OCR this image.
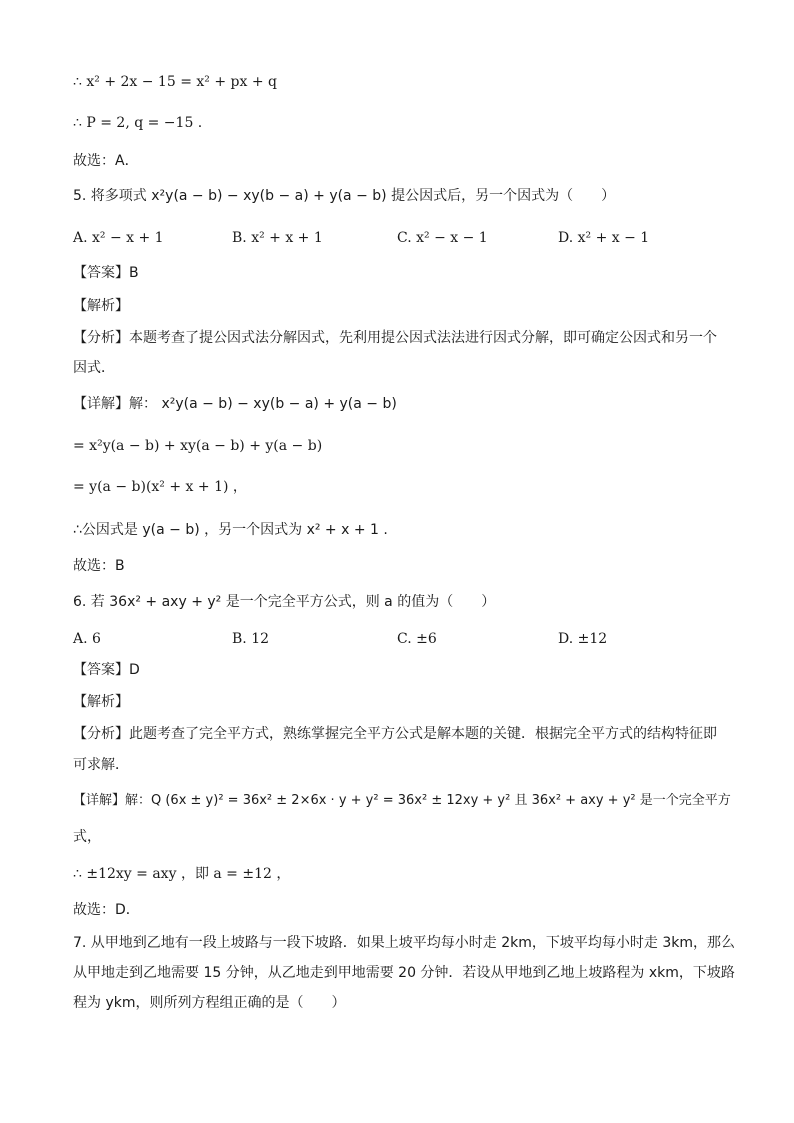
∴ x² + 2x − 15 = x² + px + q
∴ P = 2, q = −15 .
故选：A．
5. 将多项式 x²y(a − b) − xy(b − a) + y(a − b) 提公因式后，另一个因式为（　　）
A. x² − x + 1	B. x² + x + 1	C. x² − x − 1	D. x² + x − 1
【答案】B
【解析】
【分析】本题考查了提公因式法分解因式，先利用提公因式法法进行因式分解，即可确定公因式和另一个
因式．
【详解】解： x²y(a − b) − xy(b − a) + y(a − b)
= x²y(a − b) + xy(a − b) + y(a − b)
= y(a − b)(x² + x + 1) ，
∴公因式是 y(a − b) ，另一个因式为 x² + x + 1 .
故选：B
6. 若 36x² + axy + y² 是一个完全平方公式，则 a 的值为（　　）
A. 6	B. 12	C. ±6	D. ±12
【答案】D
【解析】
【分析】此题考查了完全平方式，熟练掌握完全平方公式是解本题的关键．根据完全平方式的结构特征即
可求解．
【详解】解：Q (6x ± y)² = 36x² ± 2×6x · y + y² = 36x² ± 12xy + y² 且 36x² + axy + y² 是一个完全平方
式，
∴ ±12xy = axy ，即 a = ±12 ，
故选：D．
7. 从甲地到乙地有一段上坡路与一段下坡路．如果上坡平均每小时走 2km，下坡平均每小时走 3km，那么
从甲地走到乙地需要 15 分钟，从乙地走到甲地需要 20 分钟．若设从甲地到乙地上坡路程为 xkm，下坡路
程为 ykm，则所列方程组正确的是（　　）
